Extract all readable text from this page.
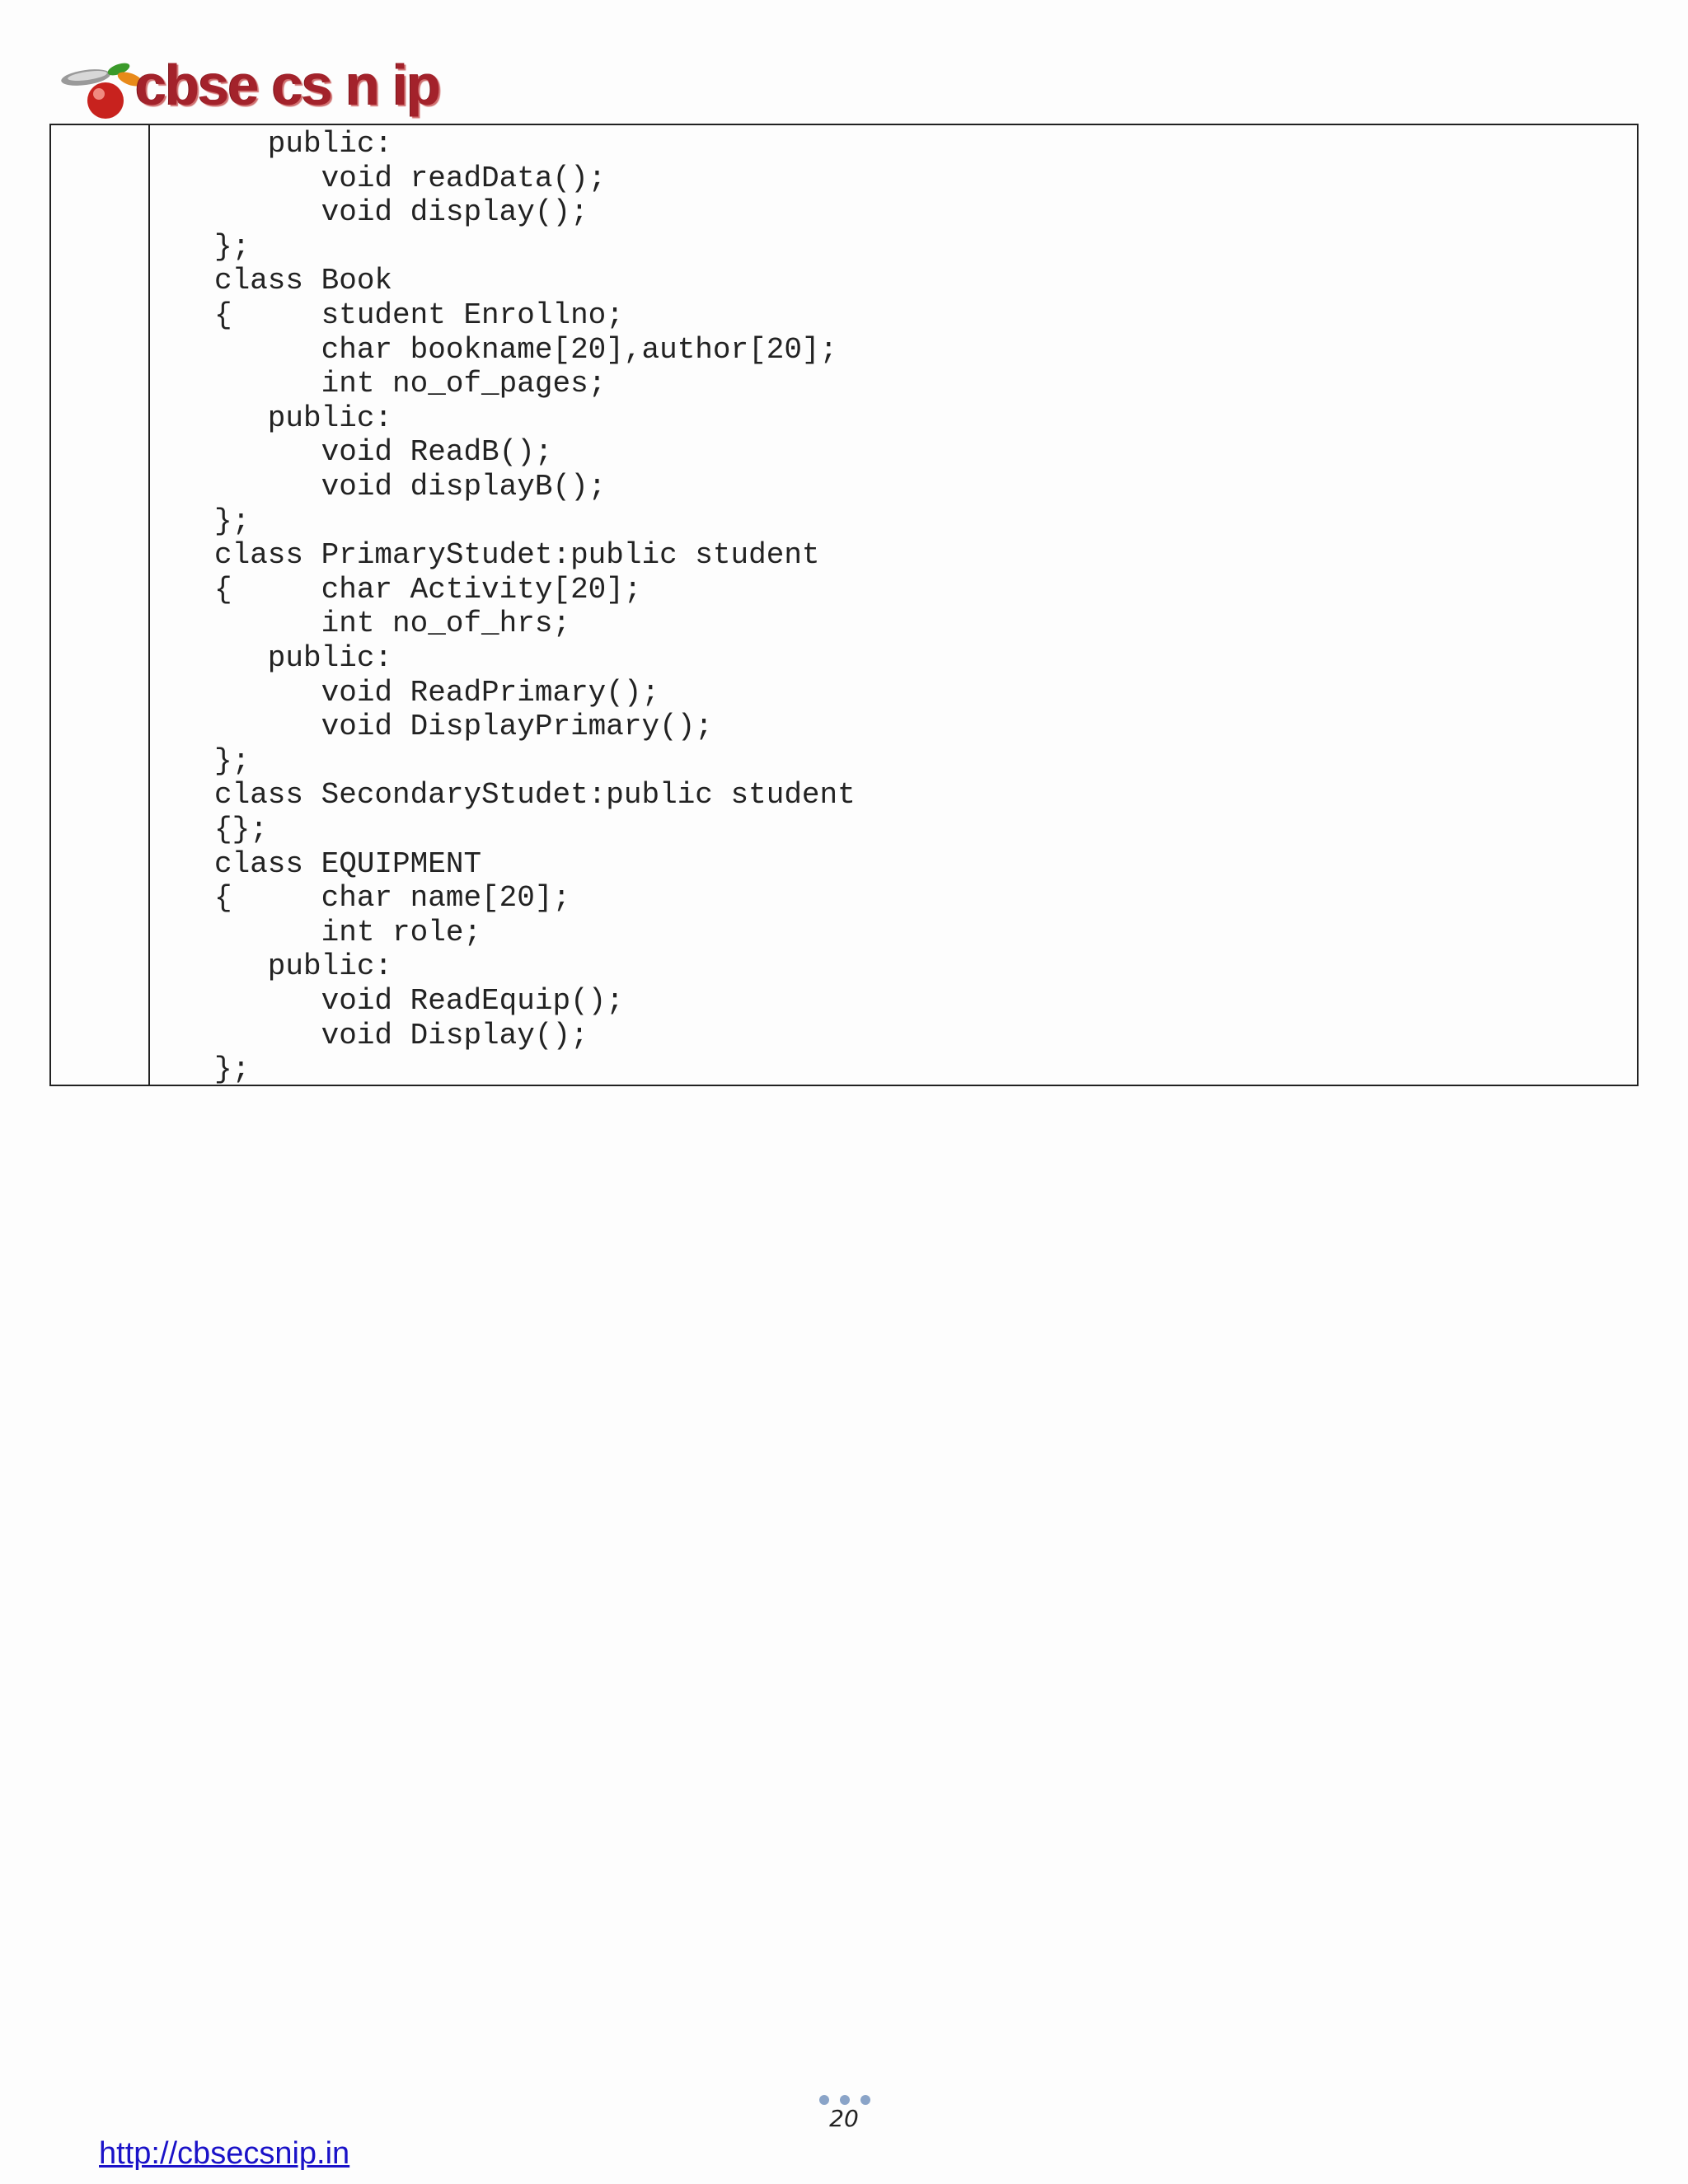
cbse cs n ip
public:
void readData();
void display();
};
class Book
{     student Enrollno;
char bookname[20],author[20];
int no_of_pages;
public:
void ReadB();
void displayB();
};
class PrimaryStudet:public student
{     char Activity[20];
int no_of_hrs;
public:
void ReadPrimary();
void DisplayPrimary();
};
class SecondaryStudet:public student
{};
class EQUIPMENT
{     char name[20];
int role;
public:
void ReadEquip();
void Display();
};
20
http://cbsecsnip.in
